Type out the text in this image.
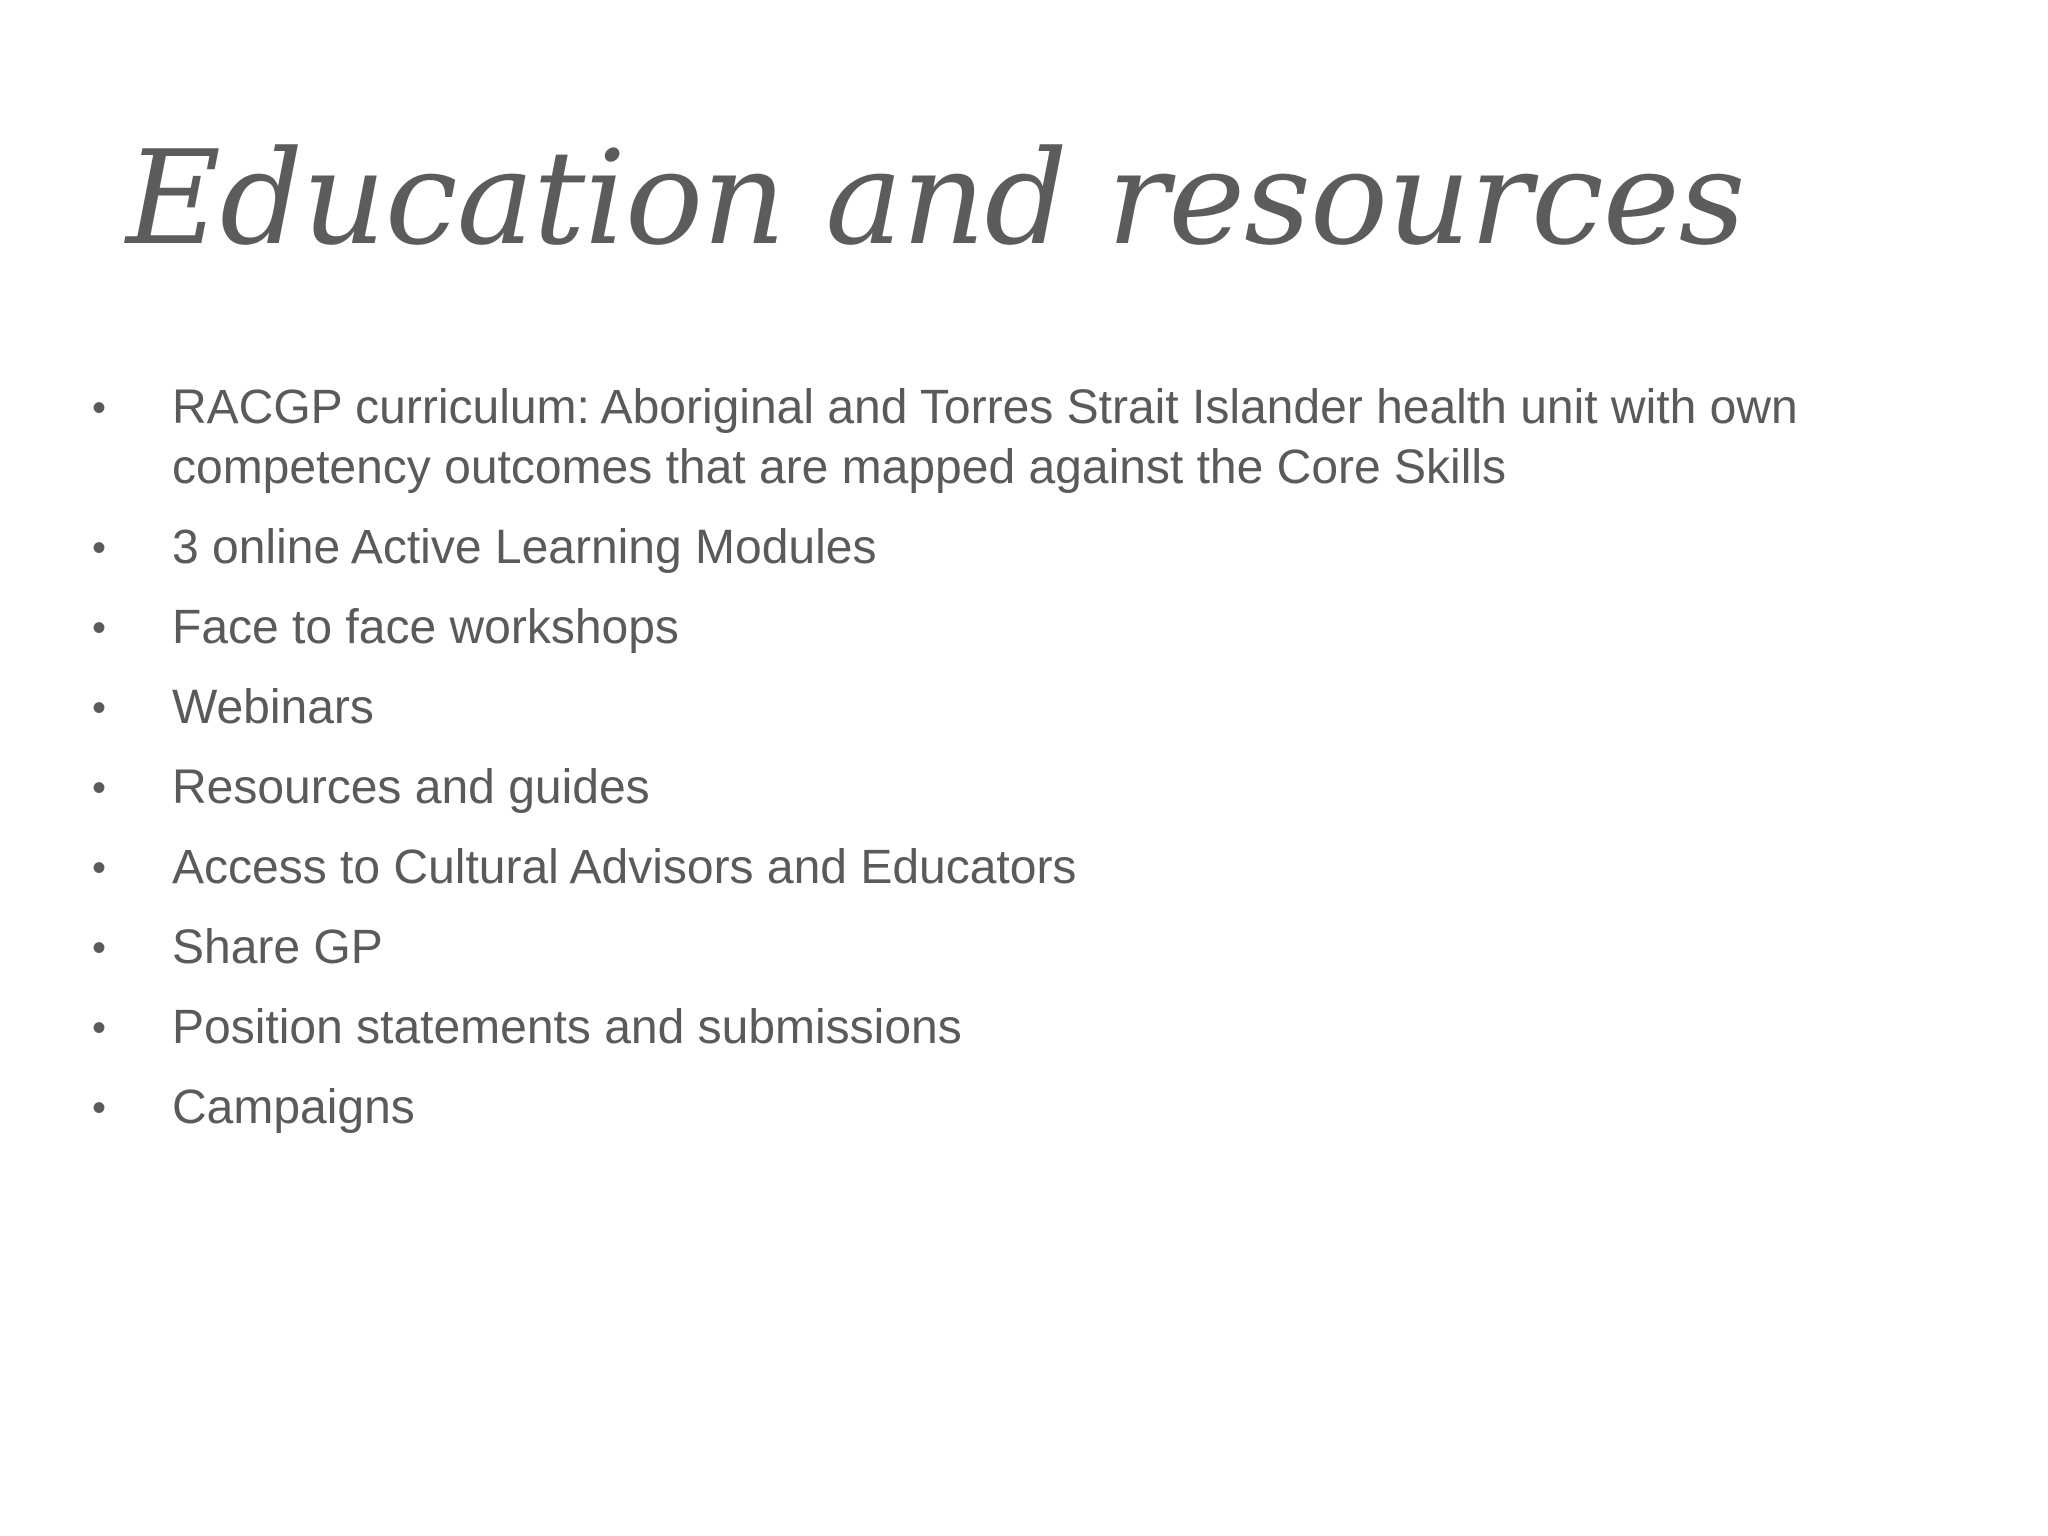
Education and resources
• RACGP curriculum: Aboriginal and Torres Strait Islander health unit with own competency outcomes that are mapped against the Core Skills
• 3 online Active Learning Modules
• Face to face workshops
• Webinars
• Resources and guides
• Access to Cultural Advisors and Educators
• Share GP
• Position statements and submissions
• Campaigns
